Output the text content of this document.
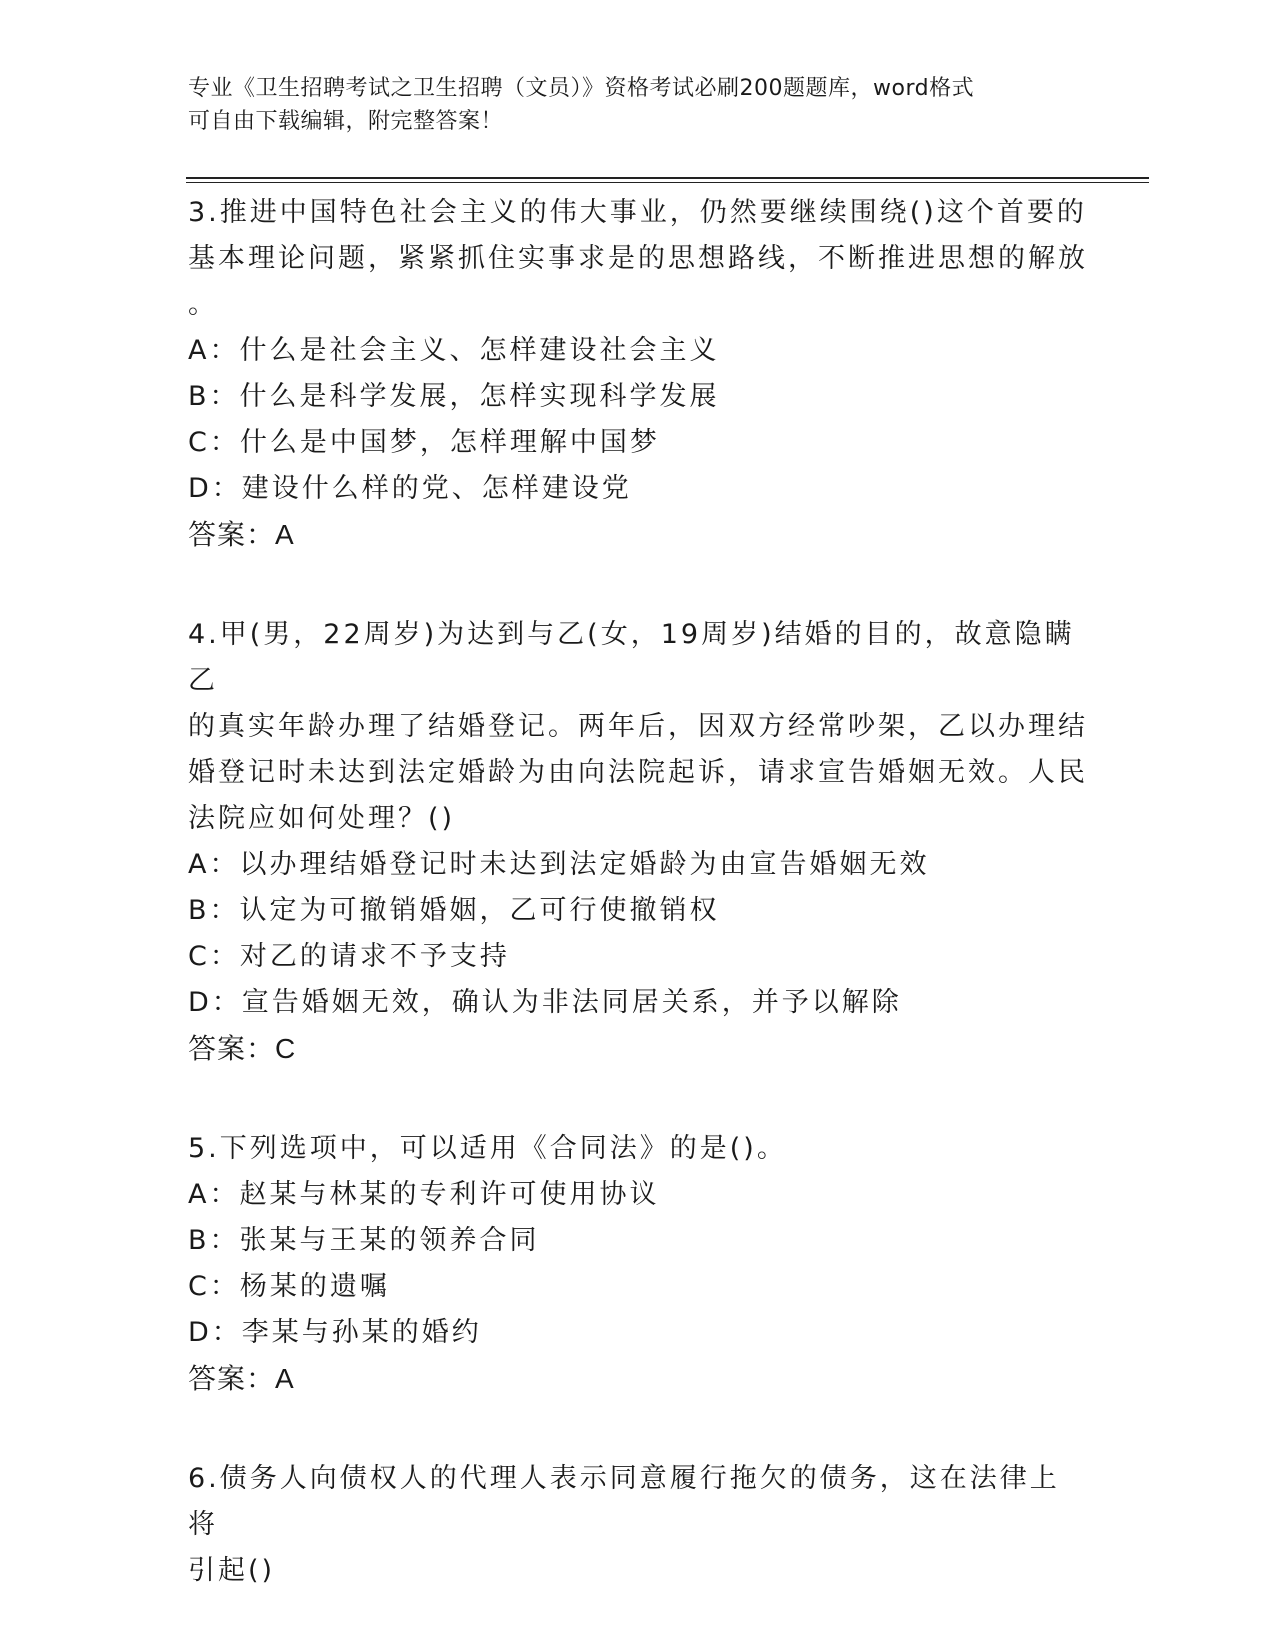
专业《卫生招聘考试之卫生招聘（文员）》资格考试必刷200题题库，word格式
可自由下载编辑，附完整答案！

3.推进中国特色社会主义的伟大事业，仍然要继续围绕()这个首要的

基本理论问题，紧紧抓住实事求是的思想路线，不断推进思想的解放

。

A：什么是社会主义、怎样建设社会主义

B：什么是科学发展，怎样实现科学发展

C：什么是中国梦，怎样理解中国梦

D：建设什么样的党、怎样建设党

答案：A

4.甲(男，22周岁)为达到与乙(女，19周岁)结婚的目的，故意隐瞒乙

的真实年龄办理了结婚登记。两年后，因双方经常吵架，乙以办理结

婚登记时未达到法定婚龄为由向法院起诉，请求宣告婚姻无效。人民

法院应如何处理？()

A：以办理结婚登记时未达到法定婚龄为由宣告婚姻无效

B：认定为可撤销婚姻，乙可行使撤销权

C：对乙的请求不予支持

D：宣告婚姻无效，确认为非法同居关系，并予以解除

答案：C

5.下列选项中，可以适用《合同法》的是()。

A：赵某与林某的专利许可使用协议

B：张某与王某的领养合同

C：杨某的遗嘱

D：李某与孙某的婚约

答案：A

6.债务人向债权人的代理人表示同意履行拖欠的债务，这在法律上将

引起()
